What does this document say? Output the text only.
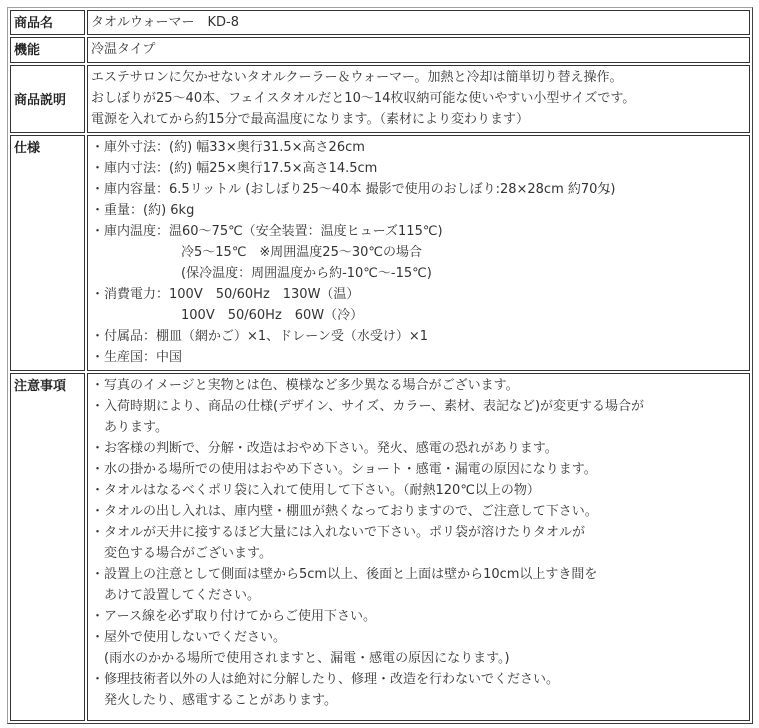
商品名	タオルウォーマー　KD-8
機能	冷温タイプ
商品説明	エステサロンに欠かせないタオルクーラー＆ウォーマー。加熱と冷却は簡単切り替え操作。
おしぼりが25～40本、フェイスタオルだと10～14枚収納可能な使いやすい小型サイズです。
電源を入れてから約15分で最高温度になります。（素材により変わります）

仕様	・庫外寸法：(約) 幅33×奥行31.5×高さ26cm
・庫内寸法：(約) 幅25×奥行17.5×高さ14.5cm
・庫内容量：6.5リットル (おしぼり25～40本 撮影で使用のおしぼり:28×28cm 約70匁)
・重量：(約) 6kg
・庫内温度：温60～75℃（安全装置：温度ヒューズ115℃)
冷5～15℃　※周囲温度25～30℃の場合
(保冷温度：周囲温度から約-10℃～-15℃)
・消費電力：100V　50/60Hz　130W（温）
100V　50/60Hz　60W（冷）
・付属品：棚皿（網かご）×1、ドレーン受（水受け）×1
・生産国：中国

注意事項	・写真のイメージと実物とは色、模様など多少異なる場合がございます。
・入荷時期により、商品の仕様(デザイン、サイズ、カラー、素材、表記など)が変更する場合が
あります。
・お客様の判断で、分解・改造はおやめ下さい。発火、感電の恐れがあります。
・水の掛かる場所での使用はおやめ下さい。ショート・感電・漏電の原因になります。
・タオルはなるべくポリ袋に入れて使用して下さい。（耐熱120℃以上の物）
・タオルの出し入れは、庫内壁・棚皿が熱くなっておりますので、ご注意して下さい。
・タオルが天井に接するほど大量には入れないで下さい。ポリ袋が溶けたりタオルが
変色する場合がございます。
・設置上の注意として側面は壁から5cm以上、後面と上面は壁から10cm以上すき間を
あけて設置してください。
・アース線を必ず取り付けてからご使用下さい。
・屋外で使用しないでください。
(雨水のかかる場所で使用されますと、漏電・感電の原因になります。)
・修理技術者以外の人は絶対に分解したり、修理・改造を行わないでください。
発火したり、感電することがあります。
